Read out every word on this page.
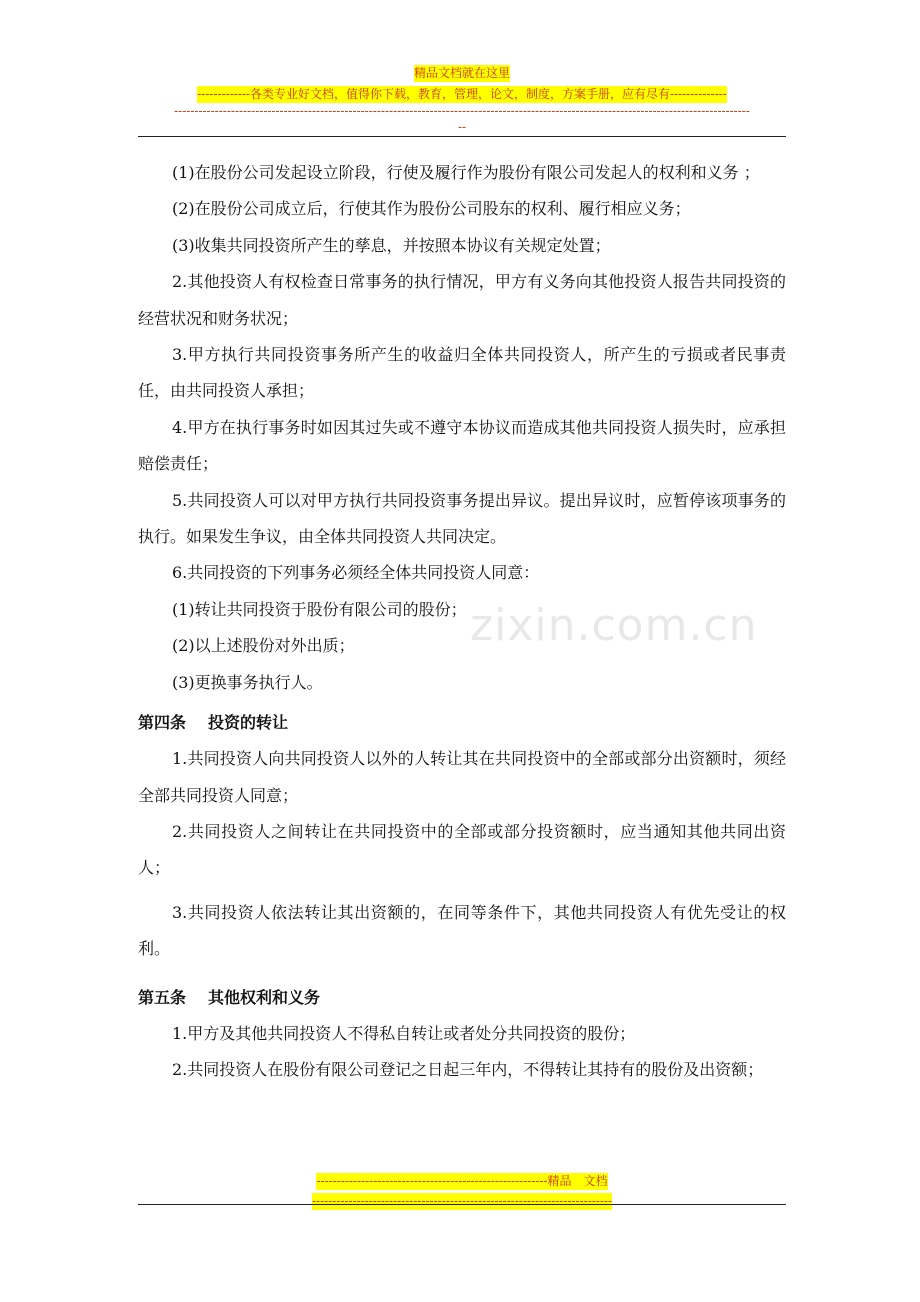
zixin.com.cn
精品文档就在这里
-------------各类专业好文档，值得你下载，教育，管理，论文，制度，方案手册，应有尽有--------------
----------------------------------------------------------------------------------------------------------------------------------------------
--
(1)在股份公司发起设立阶段，行使及履行作为股份有限公司发起人的权利和义务 ；
(2)在股份公司成立后，行使其作为股份公司股东的权利、履行相应义务；
(3)收集共同投资所产生的孳息，并按照本协议有关规定处置；
2.其他投资人有权检查日常事务的执行情况，甲方有义务向其他投资人报告共同投资的经营状况和财务状况；
3.甲方执行共同投资事务所产生的收益归全体共同投资人，所产生的亏损或者民事责任，由共同投资人承担；
4.甲方在执行事务时如因其过失或不遵守本协议而造成其他共同投资人损失时，应承担赔偿责任；
5.共同投资人可以对甲方执行共同投资事务提出异议。提出异议时，应暂停该项事务的执行。如果发生争议，由全体共同投资人共同决定。
6.共同投资的下列事务必须经全体共同投资人同意：
(1)转让共同投资于股份有限公司的股份；
(2)以上述股份对外出质；
(3)更换事务执行人。
第四条 投资的转让
1.共同投资人向共同投资人以外的人转让其在共同投资中的全部或部分出资额时，须经全部共同投资人同意；
2.共同投资人之间转让在共同投资中的全部或部分投资额时，应当通知其他共同出资人；
3.共同投资人依法转让其出资额的，在同等条件下，其他共同投资人有优先受让的权利。
第五条 其他权利和义务
1.甲方及其他共同投资人不得私自转让或者处分共同投资的股份；
2.共同投资人在股份有限公司登记之日起三年内，不得转让其持有的股份及出资额；
---------------------------------------------------------精品　文档
--------------------------------------------------------------------------
